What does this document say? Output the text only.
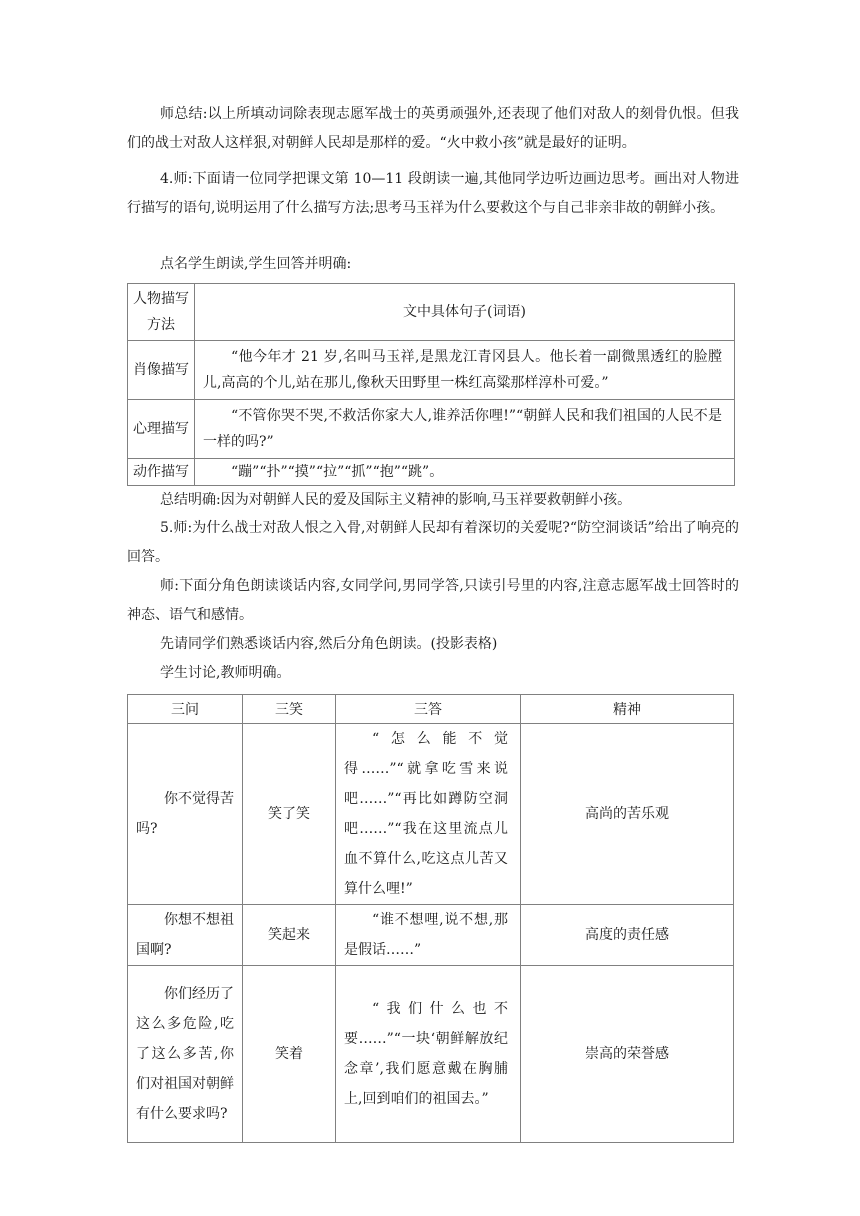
师总结:以上所填动词除表现志愿军战士的英勇顽强外,还表现了他们对敌人的刻骨仇恨。但我们的战士对敌人这样狠,对朝鲜人民却是那样的爱。“火中救小孩”就是最好的证明。

4.师:下面请一位同学把课文第 10—11 段朗读一遍,其他同学边听边画边思考。画出对人物进行描写的语句,说明运用了什么描写方法;思考马玉祥为什么要救这个与自己非亲非故的朝鲜小孩。

点名学生朗读,学生回答并明确:

人物描写方法	文中具体句子(词语)
肖像描写	“他今年才 21 岁,名叫马玉祥,是黑龙江青冈县人。他长着一副微黑透红的脸膛儿,高高的个儿,站在那儿,像秋天田野里一株红高粱那样淳朴可爱。”
心理描写	“不管你哭不哭,不救活你家大人,谁养活你哩!”“朝鲜人民和我们祖国的人民不是一样的吗?”
动作描写	“蹦”“扑”“摸”“拉”“抓”“抱”“跳”。

总结明确:因为对朝鲜人民的爱及国际主义精神的影响,马玉祥要救朝鲜小孩。

5.师:为什么战士对敌人恨之入骨,对朝鲜人民却有着深切的关爱呢?“防空洞谈话”给出了响亮的回答。

师:下面分角色朗读谈话内容,女同学问,男同学答,只读引号里的内容,注意志愿军战士回答时的神态、语气和感情。

先请同学们熟悉谈话内容,然后分角色朗读。(投影表格)

学生讨论,教师明确。

三问	三笑	三答	精神
你不觉得苦吗?	笑了笑	“怎么能不觉得……”“就拿吃雪来说吧……”“再比如蹲防空洞吧……”“我在这里流点儿血不算什么,吃这点儿苦又算什么哩!”	高尚的苦乐观
你想不想祖国啊?	笑起来	“谁不想哩,说不想,那是假话……”	高度的责任感
你们经历了这么多危险,吃了这么多苦,你们对祖国对朝鲜有什么要求吗?	笑着	“我们什么也不要……”“一块‘朝鲜解放纪念章’,我们愿意戴在胸脯上,回到咱们的祖国去。”	崇高的荣誉感
